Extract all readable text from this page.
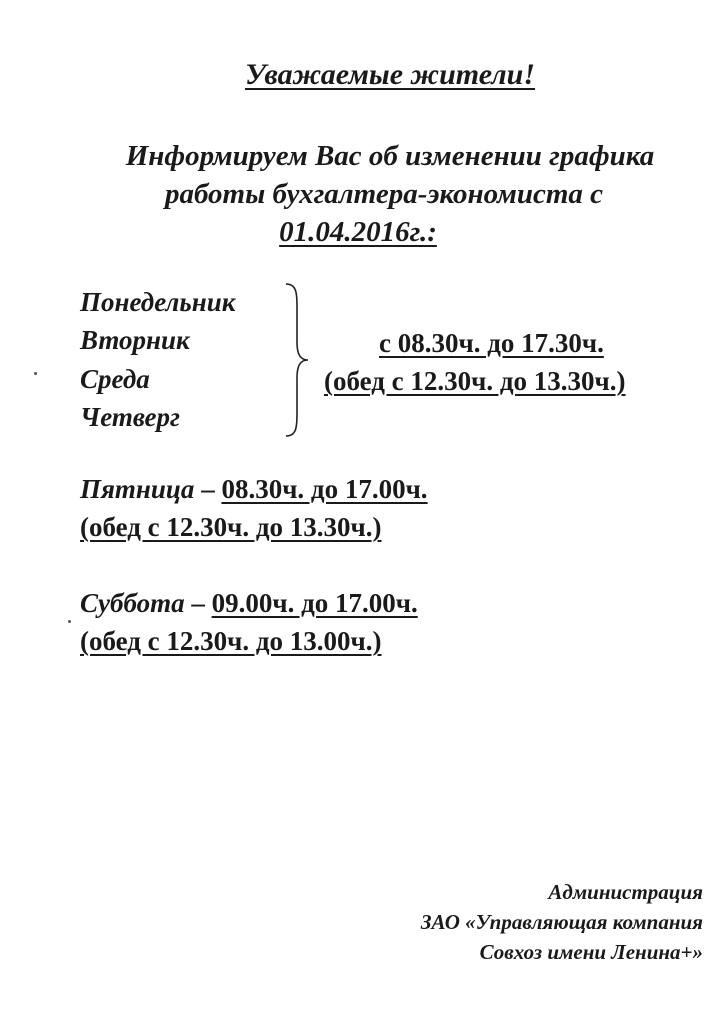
Уважаемые жители!
Информируем Вас об изменении графика
работы бухгалтера-экономиста с
01.04.2016г.:
Понедельник
Вторник
Среда
Четверг
с 08.30ч. до 17.30ч.
(обед с 12.30ч. до 13.30ч.)
Пятница – 08.30ч. до 17.00ч.
(обед с 12.30ч. до 13.30ч.)
Суббота – 09.00ч. до 17.00ч.
(обед с 12.30ч. до 13.00ч.)
Администрация
ЗАО «Управляющая компания
Совхоз имени Ленина+»
